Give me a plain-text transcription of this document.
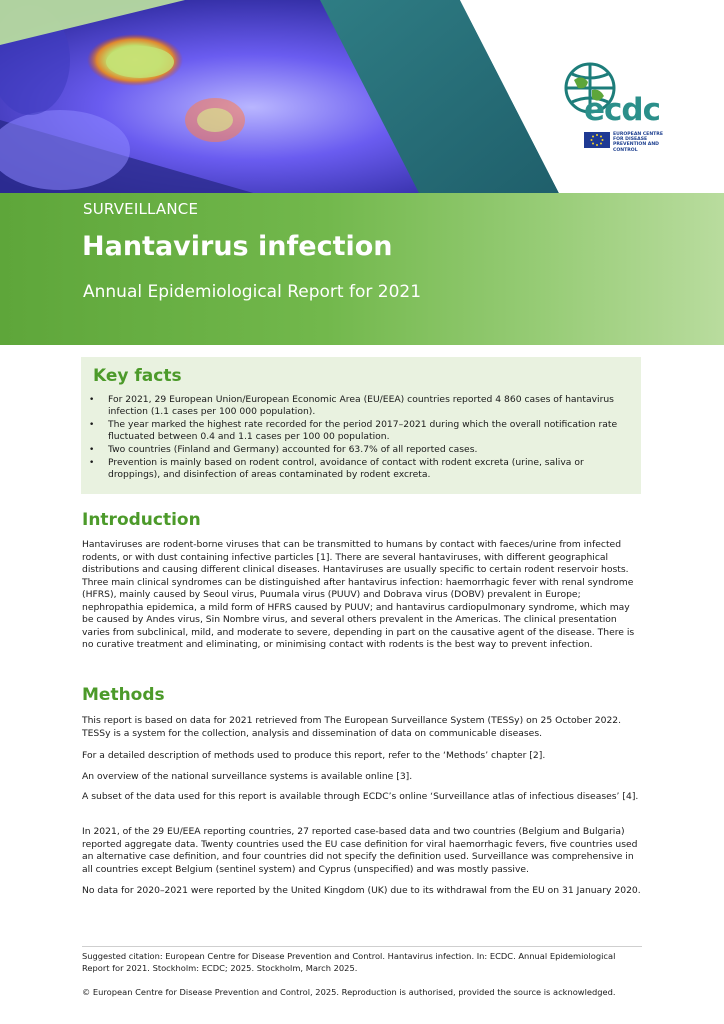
ecdc
EUROPEAN CENTRE FOR DISEASE PREVENTION AND CONTROL
SURVEILLANCE
Hantavirus infection
Annual Epidemiological Report for 2021
Key facts
• For 2021, 29 European Union/European Economic Area (EU/EEA) countries reported 4 860 cases of hantavirus infection (1.1 cases per 100 000 population).
• The year marked the highest rate recorded for the period 2017–2021 during which the overall notification rate fluctuated between 0.4 and 1.1 cases per 100 00 population.
• Two countries (Finland and Germany) accounted for 63.7% of all reported cases.
• Prevention is mainly based on rodent control, avoidance of contact with rodent excreta (urine, saliva or droppings), and disinfection of areas contaminated by rodent excreta.
Introduction

Hantaviruses are rodent-borne viruses that can be transmitted to humans by contact with faeces/urine from infected rodents, or with dust containing infective particles [1]. There are several hantaviruses, with different geographical distributions and causing different clinical diseases. Hantaviruses are usually specific to certain rodent reservoir hosts. Three main clinical syndromes can be distinguished after hantavirus infection: haemorrhagic fever with renal syndrome (HFRS), mainly caused by Seoul virus, Puumala virus (PUUV) and Dobrava virus (DOBV) prevalent in Europe; nephropathia epidemica, a mild form of HFRS caused by PUUV; and hantavirus cardiopulmonary syndrome, which may be caused by Andes virus, Sin Nombre virus, and several others prevalent in the Americas. The clinical presentation varies from subclinical, mild, and moderate to severe, depending in part on the causative agent of the disease. There is no curative treatment and eliminating, or minimising contact with rodents is the best way to prevent infection.

Methods

This report is based on data for 2021 retrieved from The European Surveillance System (TESSy) on 25 October 2022. TESSy is a system for the collection, analysis and dissemination of data on communicable diseases.

For a detailed description of methods used to produce this report, refer to the ‘Methods’ chapter [2].

An overview of the national surveillance systems is available online [3].

A subset of the data used for this report is available through ECDC’s online ‘Surveillance atlas of infectious diseases’ [4].

In 2021, of the 29 EU/EEA reporting countries, 27 reported case-based data and two countries (Belgium and Bulgaria) reported aggregate data. Twenty countries used the EU case definition for viral haemorrhagic fevers, five countries used an alternative case definition, and four countries did not specify the definition used. Surveillance was comprehensive in all countries except Belgium (sentinel system) and Cyprus (unspecified) and was mostly passive.

No data for 2020–2021 were reported by the United Kingdom (UK) due to its withdrawal from the EU on 31 January 2020.

Suggested citation: European Centre for Disease Prevention and Control. Hantavirus infection. In: ECDC. Annual Epidemiological Report for 2021. Stockholm: ECDC; 2025. Stockholm, March 2025.

© European Centre for Disease Prevention and Control, 2025. Reproduction is authorised, provided the source is acknowledged.
